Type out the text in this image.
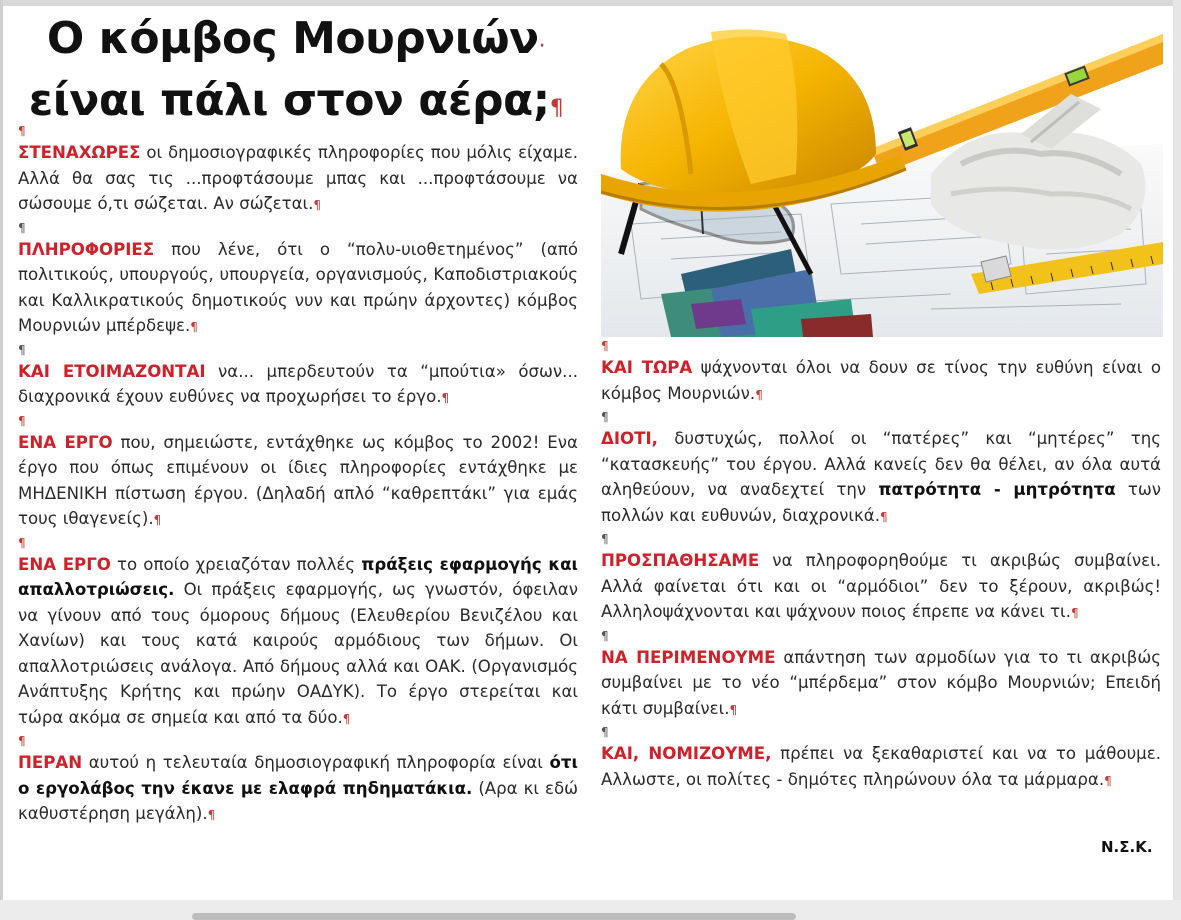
Ο κόμβος Μουρνιών·
είναι πάλι στον αέρα;¶
¶

ΣΤΕΝΑΧΩΡΕΣ οι δημοσιογραφικές πληροφορίες που μόλις είχαμε. Αλλά θα σας τις ...προφτάσουμε μπας και ...προφτάσουμε να σώσουμε ό,τι σώζεται. Αν σώζεται.¶

¶

ΠΛΗΡΟΦΟΡΙΕΣ που λένε, ότι ο “πολυ-υιοθετημένος” (από πολιτικούς, υπουργούς, υπουργεία, οργανισμούς, Καποδιστριακούς και Καλλικρατικούς δημοτικούς νυν και πρώην άρχοντες) κόμβος Μουρνιών μπέρδεψε.¶

¶

ΚΑΙ ΕΤΟΙΜΑΖΟΝΤΑΙ να... μπερδευτούν τα “μπούτια» όσων... διαχρονικά έχουν ευθύνες να προχωρήσει το έργο.¶

¶

ΕΝΑ ΕΡΓΟ που, σημειώστε, εντάχθηκε ως κόμβος το 2002! Ενα έργο που όπως επιμένουν οι ίδιες πληροφορίες εντάχθηκε με ΜΗΔΕΝΙΚΗ πίστωση έργου. (Δηλαδή απλό “καθρεπτάκι” για εμάς τους ιθαγενείς).¶

¶

ΕΝΑ ΕΡΓΟ το οποίο χρειαζόταν πολλές πράξεις εφαρμογής και απαλλοτριώσεις. Οι πράξεις εφαρμογής, ως γνωστόν, όφειλαν να γίνουν από τους όμορους δήμους (Ελευθερίου Βενιζέλου και Χανίων) και τους κατά καιρούς αρμόδιους των δήμων. Οι απαλλοτριώσεις ανάλογα. Από δήμους αλλά και ΟΑΚ. (Οργανισμός Ανάπτυξης Κρήτης και πρώην ΟΑΔΥΚ). Το έργο στερείται και τώρα ακόμα σε σημεία και από τα δύο.¶

¶

ΠΕΡΑΝ αυτού η τελευταία δημοσιογραφική πληροφορία είναι ότι ο εργολάβος την έκανε με ελαφρά πηδηματάκια. (Αρα κι εδώ καθυστέρηση μεγάλη).¶

¶

ΚΑΙ ΤΩΡΑ ψάχνονται όλοι να δουν σε τίνος την ευθύνη είναι ο κόμβος Μουρνιών.¶

¶

ΔΙΟΤΙ, δυστυχώς, πολλοί οι “πατέρες” και “μητέρες” της “κατασκευής” του έργου. Αλλά κανείς δεν θα θέλει, αν όλα αυτά αληθεύουν, να αναδεχτεί την πατρότητα - μητρότητα των πολλών και ευθυνών, διαχρονικά.¶

¶

ΠΡΟΣΠΑΘΗΣΑΜΕ να πληροφορηθούμε τι ακριβώς συμβαίνει. Αλλά φαίνεται ότι και οι “αρμόδιοι” δεν το ξέρουν, ακριβώς! Αλληλοψάχνονται και ψάχνουν ποιος έπρεπε να κάνει τι.¶

¶

ΝΑ ΠΕΡΙΜΕΝΟΥΜΕ απάντηση των αρμοδίων για το τι ακριβώς συμβαίνει με το νέο “μπέρδεμα” στον κόμβο Μουρνιών; Επειδή κάτι συμβαίνει.¶

¶

ΚΑΙ, ΝΟΜΙΖΟΥΜΕ, πρέπει να ξεκαθαριστεί και να το μάθουμε. Αλλωστε, οι πολίτες - δημότες πληρώνουν όλα τα μάρμαρα.¶

Ν.Σ.Κ.
